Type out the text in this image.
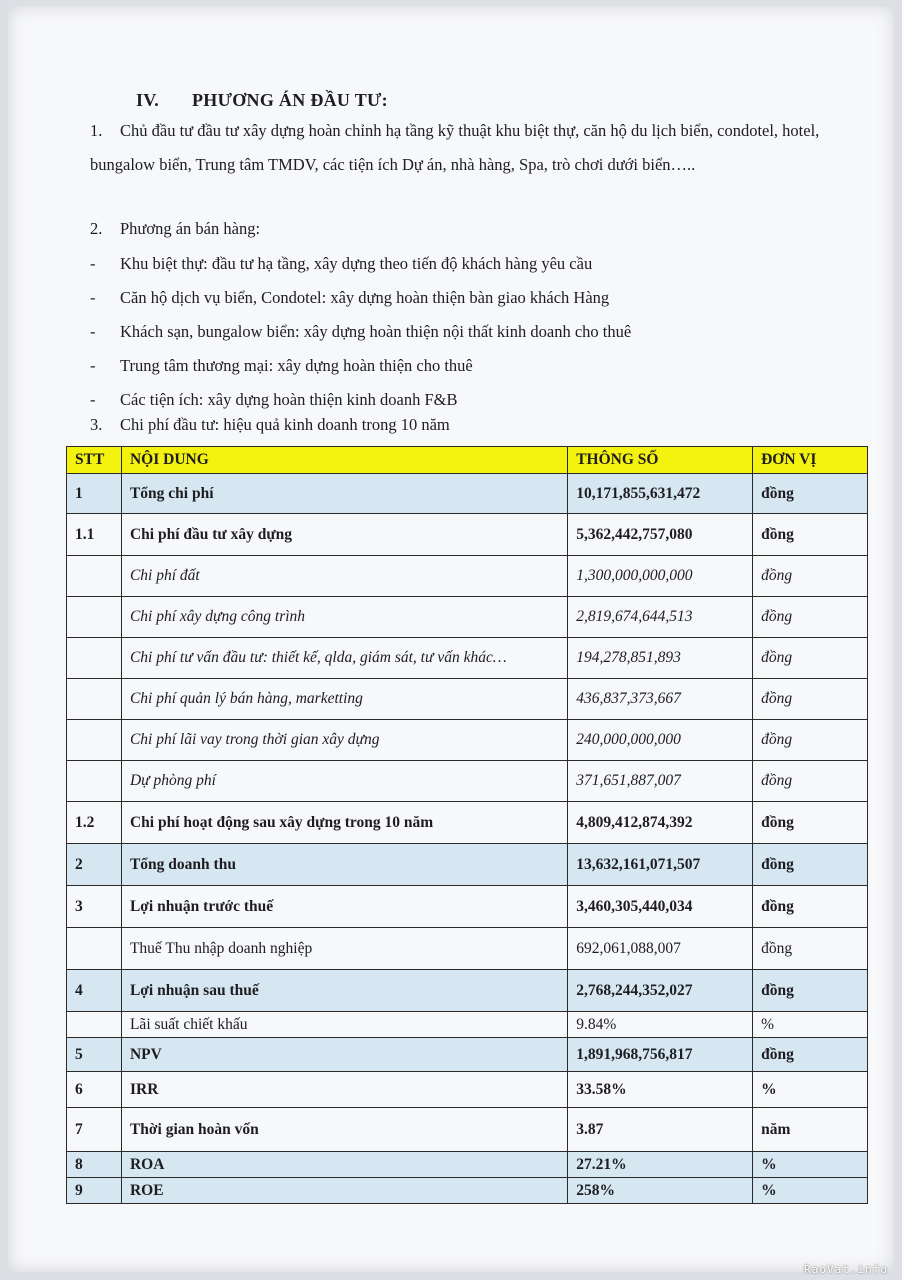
IV. PHƯƠNG ÁN ĐẦU TƯ:
1. Chủ đầu tư đầu tư xây dựng hoàn chỉnh hạ tầng kỹ thuật khu biệt thự, căn hộ du lịch biển, condotel, hotel, bungalow biển, Trung tâm TMDV, các tiện ích Dự án, nhà hàng, Spa, trò chơi dưới biển…..
2. Phương án bán hàng:
- Khu biệt thự: đầu tư hạ tầng, xây dựng theo tiến độ khách hàng yêu cầu
- Căn hộ dịch vụ biển, Condotel: xây dựng hoàn thiện bàn giao khách Hàng
- Khách sạn, bungalow biển: xây dựng hoàn thiện nội thất kinh doanh cho thuê
- Trung tâm thương mại: xây dựng hoàn thiện cho thuê
- Các tiện ích: xây dựng hoàn thiện kinh doanh F&B
3. Chi phí đầu tư: hiệu quả kinh doanh trong 10 năm
STT	NỘI DUNG	THÔNG SỐ	ĐƠN VỊ
1	Tổng chi phí	10,171,855,631,472	đồng
1.1	Chi phí đầu tư xây dựng	5,362,442,757,080	đồng
	Chi phí đất	1,300,000,000,000	đồng
	Chi phí xây dựng công trình	2,819,674,644,513	đồng
	Chi phí tư vấn đầu tư: thiết kế, qlda, giám sát, tư vấn khác…	194,278,851,893	đồng
	Chi phí quản lý bán hàng, marketting	436,837,373,667	đồng
	Chi phí lãi vay trong thời gian xây dựng	240,000,000,000	đồng
	Dự phòng phí	371,651,887,007	đồng
1.2	Chi phí hoạt động sau xây dựng trong 10 năm	4,809,412,874,392	đồng
2	Tổng doanh thu	13,632,161,071,507	đồng
3	Lợi nhuận trước thuế	3,460,305,440,034	đồng
	Thuế Thu nhập doanh nghiệp	692,061,088,007	đồng
4	Lợi nhuận sau thuế	2,768,244,352,027	đồng
	Lãi suất chiết khấu	9.84%	%
5	NPV	1,891,968,756,817	đồng
6	IRR	33.58%	%
7	Thời gian hoàn vốn	3.87	năm
8	ROA	27.21%	%
9	ROE	258%	%
RaoVat.info
